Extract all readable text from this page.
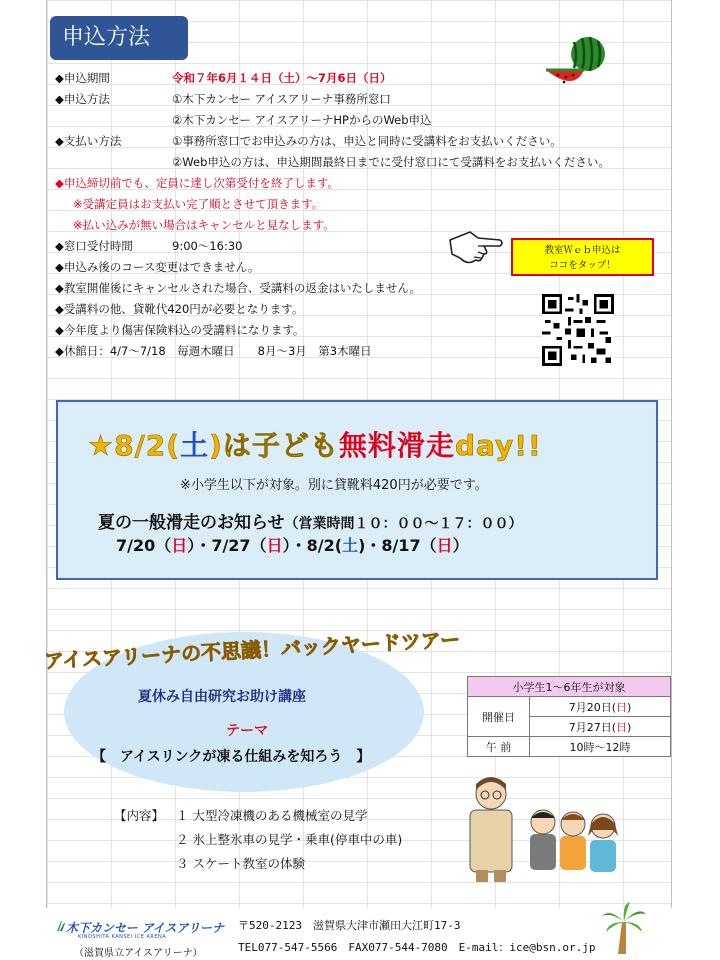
申込方法
◆申込期間	令和７年6月１４日（土）～7月6日（日）
◆申込方法	①木下カンセー アイスアリーナ事務所窓口
②木下カンセー アイスアリーナHPからのWeb申込
◆支払い方法	①事務所窓口でお申込みの方は、申込と同時に受講料をお支払いください。
②Web申込の方は、申込期間最終日までに受付窓口にて受講料をお支払いください。
◆申込締切前でも、定員に達し次第受付を終了します。
※受講定員はお支払い完了順とさせて頂きます。
※払い込みが無い場合はキャンセルと見なします。
◆窓口受付時間	9:00～16:30
◆申込み後のコース変更はできません。
◆教室開催後にキャンセルされた場合、受講料の返金はいたしません。
◆受講料の他、貸靴代420円が必要となります。
◆今年度より傷害保険料込の受講料になります。
◆休館日：4/7～7/18　毎週木曜日　　8月～3月　第3木曜日
教室Ｗｅｂ申込は
ココをタップ！
★8/2(土)は子ども無料滑走day!!
※小学生以下が対象。別に貸靴料420円が必要です。
夏の一般滑走のお知らせ（営業時間１０：００～１７：００）
7/20（日）・7/27（日）・8/2(土)・8/17（日）
アイスアリーナの不思議！バックヤードツアー
夏休み自由研究お助け講座
テーマ
【　アイスリンクが凍る仕組みを知ろう　】
小学生1～6年生が対象	
開催日	7月20日(日)
	7月27日(日)
午 前	10時～12時
【内容】 １ 大型冷凍機のある機械室の見学
２ 氷上整氷車の見学・乗車(停車中の車)
３ スケート教室の体験
木下カンセー アイスアリーナ
KINOSHITA KANSEI ICE ARENA
（滋賀県立アイスアリーナ）
〒520-2123　滋賀県大津市瀬田大江町17-3
TEL077-547-5566　FAX077-544-7080　E-mail：ice@bsn.or.jp
